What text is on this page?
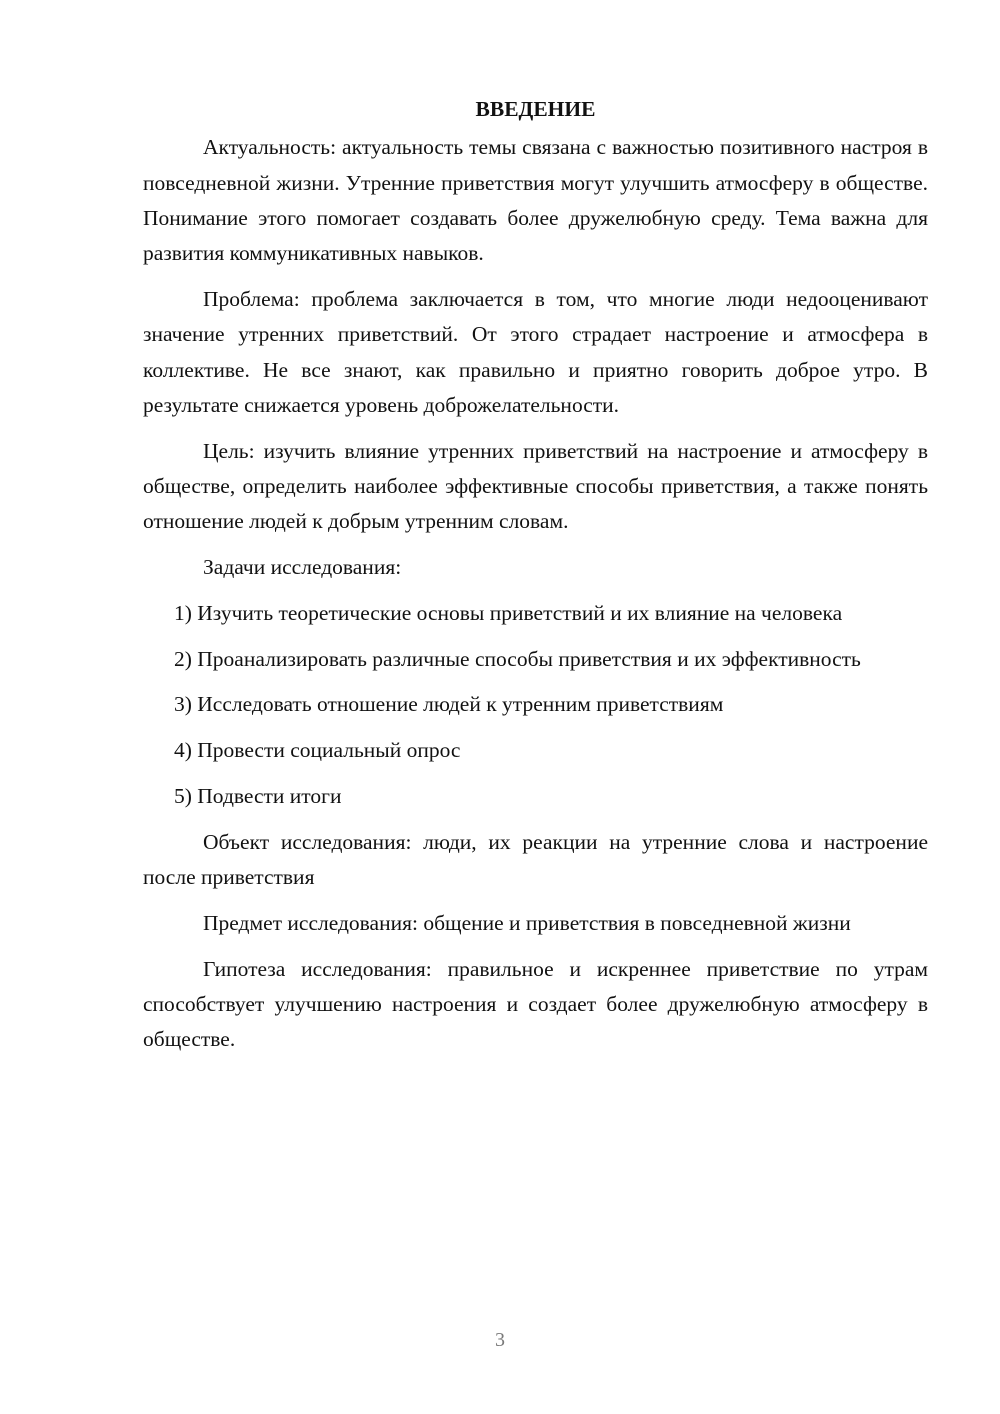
ВВЕДЕНИЕ

Актуальность: актуальность темы связана с важностью позитивного настроя в повседневной жизни. Утренние приветствия могут улучшить атмосферу в обществе. Понимание этого помогает создавать более дружелюбную среду. Тема важна для развития коммуникативных навыков.

Проблема: проблема заключается в том, что многие люди недооценивают значение утренних приветствий. От этого страдает настроение и атмосфера в коллективе. Не все знают, как правильно и приятно говорить доброе утро. В результате снижается уровень доброжелательности.

Цель: изучить влияние утренних приветствий на настроение и атмосферу в обществе, определить наиболее эффективные способы приветствия, а также понять отношение людей к добрым утренним словам.

Задачи исследования:

1) Изучить теоретические основы приветствий и их влияние на человека

2) Проанализировать различные способы приветствия и их эффективность

3) Исследовать отношение людей к утренним приветствиям

4) Провести социальный опрос

5) Подвести итоги

Объект исследования: люди, их реакции на утренние слова и настроение после приветствия

Предмет исследования: общение и приветствия в повседневной жизни

Гипотеза исследования: правильное и искреннее приветствие по утрам способствует улучшению настроения и создает более дружелюбную атмосферу в обществе.

3
